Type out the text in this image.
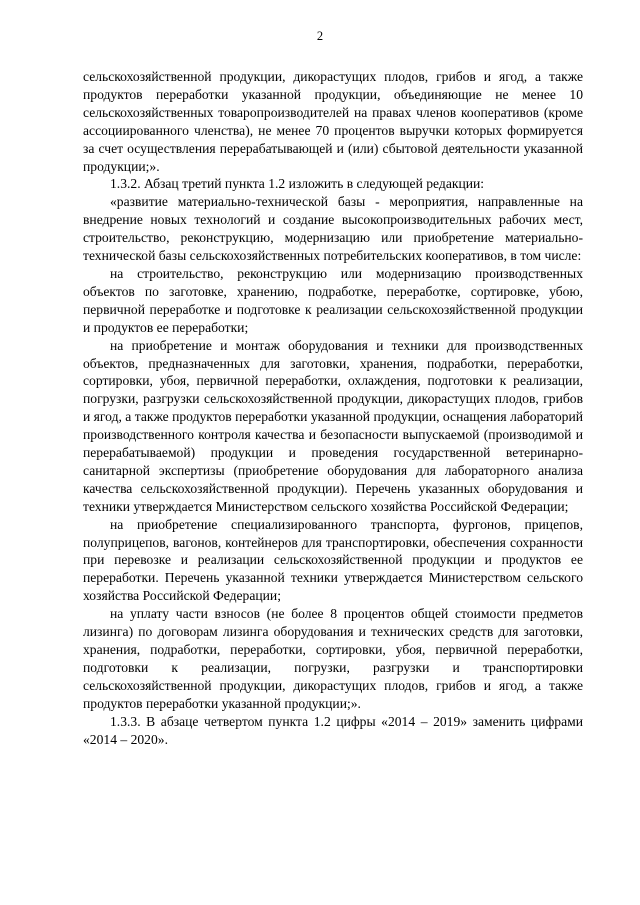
2

сельскохозяйственной продукции, дикорастущих плодов, грибов и ягод, а также продуктов переработки указанной продукции, объединяющие не менее 10 сельскохозяйственных товаропроизводителей на правах членов кооперативов (кроме ассоциированного членства), не менее 70 процентов выручки которых формируется за счет осуществления перерабатывающей и (или) сбытовой деятельности указанной продукции;».

1.3.2. Абзац третий пункта 1.2 изложить в следующей редакции:

«развитие материально-технической базы - мероприятия, направленные на внедрение новых технологий и создание высокопроизводительных рабочих мест, строительство, реконструкцию, модернизацию или приобретение материально-технической базы сельскохозяйственных потребительских кооперативов, в том числе:

на строительство, реконструкцию или модернизацию производственных объектов по заготовке, хранению, подработке, переработке, сортировке, убою, первичной переработке и подготовке к реализации сельскохозяйственной продукции и продуктов ее переработки;

на приобретение и монтаж оборудования и техники для производственных объектов, предназначенных для заготовки, хранения, подработки, переработки, сортировки, убоя, первичной переработки, охлаждения, подготовки к реализации, погрузки, разгрузки сельскохозяйственной продукции, дикорастущих плодов, грибов и ягод, а также продуктов переработки указанной продукции, оснащения лабораторий производственного контроля качества и безопасности выпускаемой (производимой и перерабатываемой) продукции и проведения государственной ветеринарно-санитарной экспертизы (приобретение оборудования для лабораторного анализа качества сельскохозяйственной продукции). Перечень указанных оборудования и техники утверждается Министерством сельского хозяйства Российской Федерации;

на приобретение специализированного транспорта, фургонов, прицепов, полуприцепов, вагонов, контейнеров для транспортировки, обеспечения сохранности при перевозке и реализации сельскохозяйственной продукции и продуктов ее переработки. Перечень указанной техники утверждается Министерством сельского хозяйства Российской Федерации;

на уплату части взносов (не более 8 процентов общей стоимости предметов лизинга) по договорам лизинга оборудования и технических средств для заготовки, хранения, подработки, переработки, сортировки, убоя, первичной переработки, подготовки к реализации, погрузки, разгрузки и транспортировки сельскохозяйственной продукции, дикорастущих плодов, грибов и ягод, а также продуктов переработки указанной продукции;».

1.3.3. В абзаце четвертом пункта 1.2 цифры «2014 – 2019» заменить цифрами «2014 – 2020».
